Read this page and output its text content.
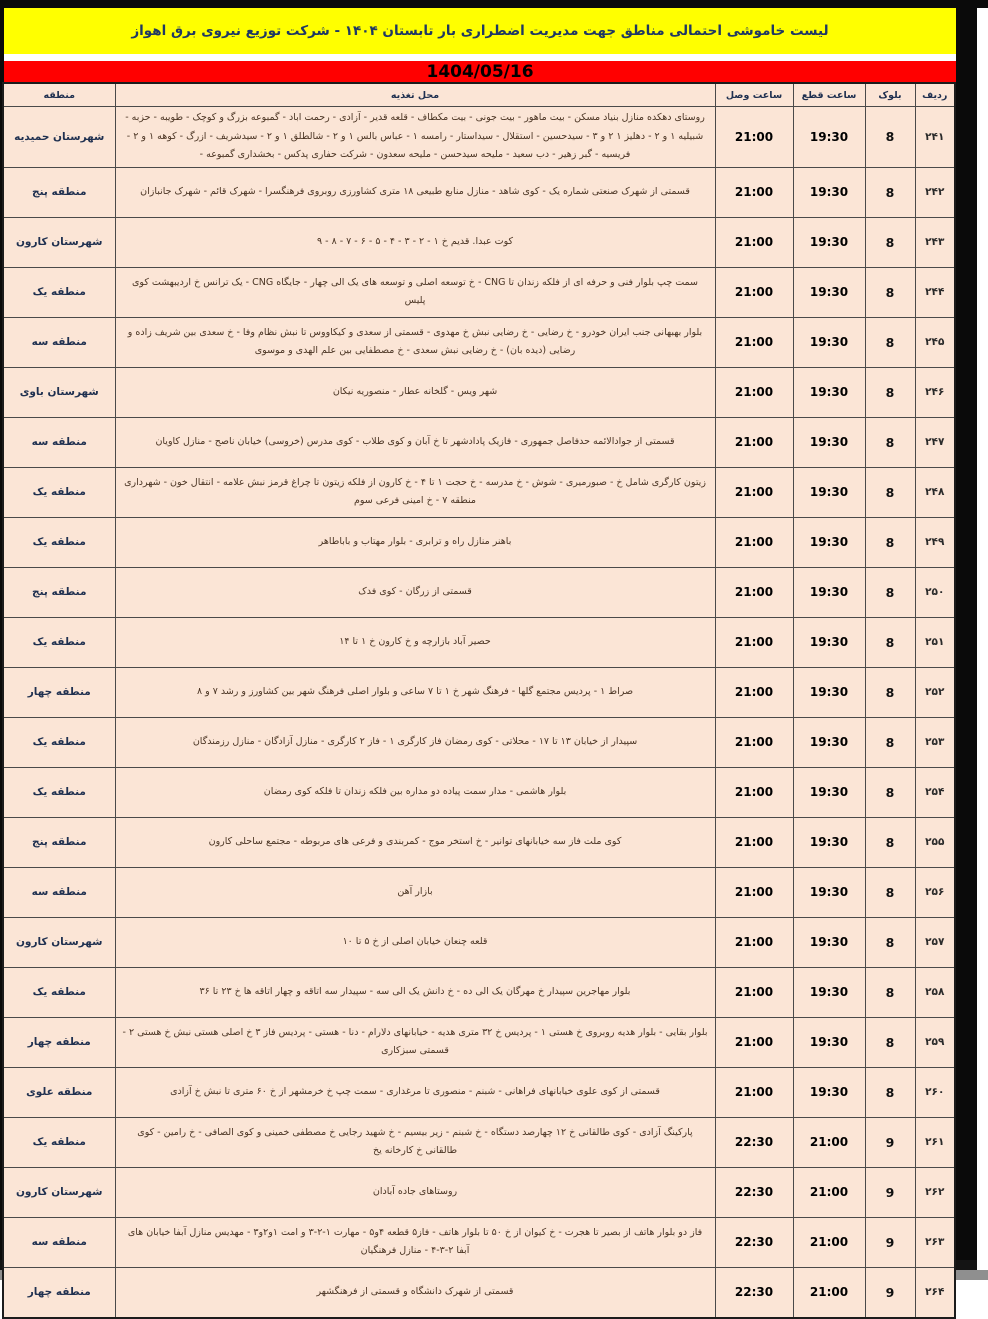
لیست خاموشی احتمالی مناطق جهت مدیریت اضطراری بار تابستان ۱۴۰۴ - شرکت توزیع نیروی برق اهواز
1404/05/16
ردیف	بلوک	ساعت قطع	ساعت وصل	محل تغذیه	منطقه
۲۴۱	8	19:30	21:00	روستای دهکده منازل بنیاد مسکن - بیت ماهور - بیت جونی - بیت مکطاف - قلعه قدیر - آزادی - رحمت اباد - گمبوعه بزرگ و کوچک - طویبه - حزبه - شبیلیه ۱ و ۲ - دهلیز ۱ ۲ و ۳ - سیدحسین - استقلال - سیداستار - رامسه ۱ - عباس بالس ۱ و ۲ - شالطلق ۱ و ۲ - سیدشریف - ازرگ - کوهه ۱ و ۲ - فریسیه - گبر زهیر - دب سعید - ملیحه سیدحسن - ملیحه سعدون - شرکت حفاری پدکس - بخشداری گمبوعه -	شهرستان حمیدیه
۲۴۲	8	19:30	21:00	قسمتی از شهرک صنعتی شماره یک - کوی شاهد - منازل منابع طبیعی ۱۸ متری کشاورزی روبروی فرهنگسرا - شهرک قائم - شهرک جانبازان	منطقه پنج
۲۴۳	8	19:30	21:00	کوت عبدا. قدیم خ ۱ - ۲ - ۳ - ۴ - ۵ - ۶ - ۷ - ۸ - ۹	شهرستان کارون
۲۴۴	8	19:30	21:00	سمت چپ بلوار فنی و حرفه ای از فلکه زندان تا CNG - خ توسعه اصلی و توسعه های یک الی چهار - جایگاه CNG - یک ترانس خ اردیبهشت کوی پلیس	منطقه یک
۲۴۵	8	19:30	21:00	بلوار بهبهانی جنب ایران خودرو - خ رضایی - خ رضایی نبش خ مهدوی - قسمتی از سعدی و کیکاووس تا نبش نظام وفا - خ سعدی بین شریف زاده و رضایی (دیده بان) - خ رضایی نبش سعدی - خ مصطفایی بین علم الهدی و موسوی	منطقه سه
۲۴۶	8	19:30	21:00	شهر ویس - گلخانه عطار - منصوریه نیکان	شهرستان باوی
۲۴۷	8	19:30	21:00	قسمتی از جوادالائمه حدفاصل جمهوری - فازیک پادادشهر تا خ آبان و کوی طلاب - کوی مدرس (خروسی) خیابان ناصح - منازل کاویان	منطقه سه
۲۴۸	8	19:30	21:00	زیتون کارگری شامل خ - صبورمیری - شوش - خ مدرسه - خ حجت ۱ تا ۴ - خ کارون از فلکه زیتون تا چراغ قرمز نبش علامه - انتقال خون - شهرداری منطقه ۷ - خ امینی فرعی سوم	منطقه یک
۲۴۹	8	19:30	21:00	باهنر منازل راه و ترابری - بلوار مهتاب و باباطاهر	منطقه یک
۲۵۰	8	19:30	21:00	قسمتی از زرگان - کوی فدک	منطقه پنج
۲۵۱	8	19:30	21:00	حصیر آباد بازارچه و خ کارون خ ۱ تا ۱۴	منطقه یک
۲۵۲	8	19:30	21:00	صراط ۱ - پردیس مجتمع گلها - فرهنگ شهر خ ۱ تا ۷ ساعی و بلوار اصلی فرهنگ شهر بین کشاورز و رشد ۷ و ۸	منطقه چهار
۲۵۳	8	19:30	21:00	سپیدار از خیابان ۱۳ تا ۱۷ - محلاتی - کوی رمضان فاز کارگری ۱ - فاز ۲ کارگری - منازل آزادگان - منازل رزمندگان	منطقه یک
۲۵۴	8	19:30	21:00	بلوار هاشمی - مدار سمت پیاده دو مداره بین فلکه زندان تا فلکه کوی رمضان	منطقه یک
۲۵۵	8	19:30	21:00	کوی ملت فاز سه خیابانهای توانیر - خ استخر موج - کمربندی و فرعی های مربوطه - مجتمع ساحلی کارون	منطقه پنج
۲۵۶	8	19:30	21:00	بازار آهن	منطقه سه
۲۵۷	8	19:30	21:00	قلعه چنعان خیابان اصلی از خ ۵ تا ۱۰	شهرستان کارون
۲۵۸	8	19:30	21:00	بلوار مهاجرین سپیدار خ مهرگان یک الی ده - خ دانش یک الی سه - سپیدار سه اتاقه و چهار اتاقه ها خ ۲۳ تا ۳۶	منطقه یک
۲۵۹	8	19:30	21:00	بلوار بقایی - بلوار هدیه روبروی خ هستی ۱ - پردیس خ ۳۲ متری هدیه - خیابانهای دلارام - دنا - هستی - پردیس فاز ۳ خ اصلی هستی نبش خ هستی ۲ - قسمتی سبزکاری	منطقه چهار
۲۶۰	8	19:30	21:00	قسمتی از کوی علوی خیابانهای فراهانی - شبنم - منصوری تا مرغداری - سمت چپ خ خرمشهر از خ ۶۰ متری تا نبش خ آزادی	منطقه علوی
۲۶۱	9	21:00	22:30	پارکینگ آزادی - کوی طالقانی خ ۱۲ چهارصد دستگاه - خ شبنم - زیر بیسیم - خ شهید رجایی خ مصطفی خمینی و کوی الصافی - خ رامین - کوی طالقانی خ کارخانه یخ	منطقه یک
۲۶۲	9	21:00	22:30	روستاهای جاده آبادان	شهرستان کارون
۲۶۳	9	21:00	22:30	فاز دو بلوار هاتف از بصیر تا هجرت - خ کیوان از خ ۵۰ تا بلوار هاتف - فاز۵ قطعه ۴و۵ - مهارت ۱-۲-۳ و امت ۱و۲و۳ - مهدیس منازل آبفا خیابان های آبفا ۲-۳-۴ - منازل فرهنگیان	منطقه سه
۲۶۴	9	21:00	22:30	قسمتی از شهرک دانشگاه و قسمتی از فرهنگشهر	منطقه چهار
